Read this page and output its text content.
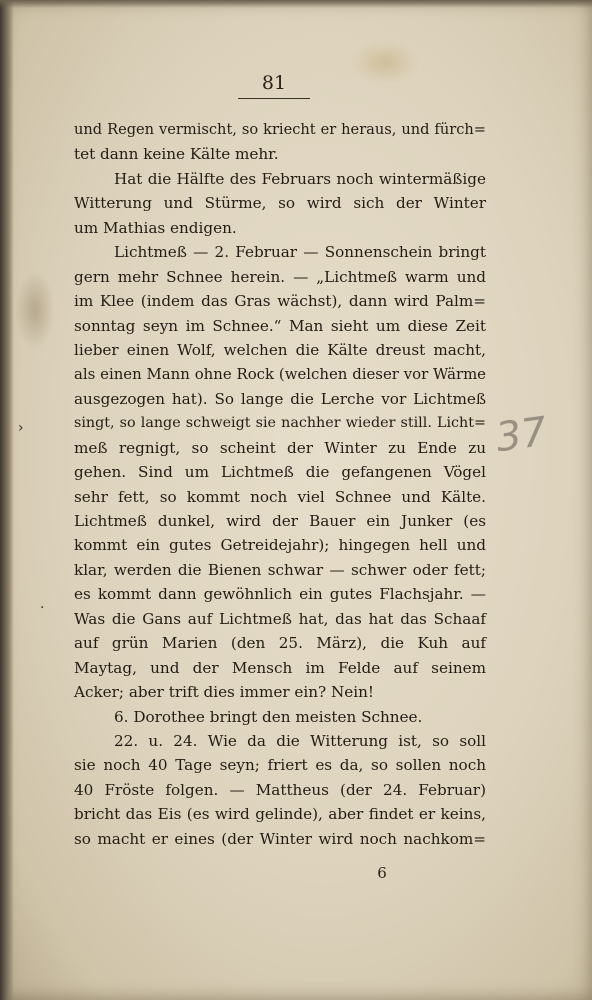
81
›
·
und Regen vermischt, so kriecht er heraus, und fürch=
tet dann keine Kälte mehr.
Hat die Hälfte des Februars noch wintermäßige
Witterung und Stürme, so wird sich der Winter
um Mathias endigen.
Lichtmeß — 2. Februar — Sonnenschein bringt
gern mehr Schnee herein. — „Lichtmeß warm und
im Klee (indem das Gras wächst), dann wird Palm=
sonntag seyn im Schnee.“ Man sieht um diese Zeit
lieber einen Wolf, welchen die Kälte dreust macht,
als einen Mann ohne Rock (welchen dieser vor Wärme
ausgezogen hat). So lange die Lerche vor Lichtmeß
singt, so lange schweigt sie nachher wieder still. Licht=
meß regnigt, so scheint der Winter zu Ende zu
gehen. Sind um Lichtmeß die gefangenen Vögel
sehr fett, so kommt noch viel Schnee und Kälte.
Lichtmeß dunkel, wird der Bauer ein Junker (es
kommt ein gutes Getreidejahr); hingegen hell und
klar, werden die Bienen schwar — schwer oder fett;
es kommt dann gewöhnlich ein gutes Flachsjahr. —
Was die Gans auf Lichtmeß hat, das hat das Schaaf
auf grün Marien (den 25. März), die Kuh auf
Maytag, und der Mensch im Felde auf seinem
Acker; aber trift dies immer ein? Nein!
6. Dorothee bringt den meisten Schnee.
22. u. 24. Wie da die Witterung ist, so soll
sie noch 40 Tage seyn; friert es da, so sollen noch
40 Fröste folgen. — Mattheus (der 24. Februar)
bricht das Eis (es wird gelinde), aber findet er keins,
so macht er eines (der Winter wird noch nachkom=
6
37
